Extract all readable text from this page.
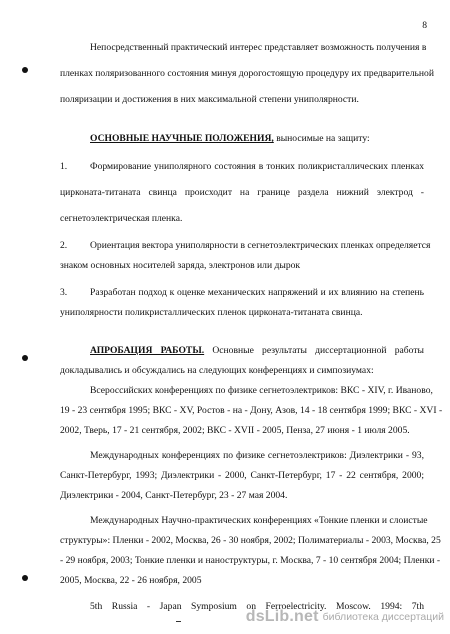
8
Непосредственный практический интерес представляет возможность получения в
пленках поляризованного состояния минуя дорогостоящую процедуру их предварительной
поляризации и достижения в них максимальной степени униполярности.
ОСНОВНЫЕ НАУЧНЫЕ ПОЛОЖЕНИЯ, выносимые на защиту:
1. Формирование униполярного состояния в тонких поликристаллических пленках
цирконата-титаната свинца происходит на границе раздела нижний электрод -
сегнетоэлектрическая пленка.
2. Ориентация вектора униполярности в сегнетоэлектрических пленках определяется
знаком основных носителей заряда, электронов или дырок
3. Разработан подход к оценке механических напряжений и их влиянию на степень
униполярности поликристаллических пленок цирконата-титаната свинца.
АПРОБАЦИЯ РАБОТЫ. Основные результаты диссертационной работы
докладывались и обсуждались на следующих конференциях и симпозиумах:
Всероссийских конференциях по физике сегнетоэлектриков: ВКС - XIV, г. Иваново,
19 - 23 сентября 1995; ВКС - XV, Ростов - на - Дону, Азов, 14 - 18 сентября 1999; ВКС - XVI -
2002, Тверь, 17 - 21 сентября, 2002; ВКС - XVII - 2005, Пенза, 27 июня - 1 июля 2005.
Международных конференциях по физике сегнетоэлектриков: Диэлектрики - 93,
Санкт-Петербург, 1993; Диэлектрики - 2000, Санкт-Петербург, 17 - 22 сентября, 2000;
Диэлектрики - 2004, Санкт-Петербург, 23 - 27 мая 2004.
Международных Научно-практических конференциях «Тонкие пленки и слоистые
структуры»: Пленки - 2002, Москва, 26 - 30 ноября, 2002; Полиматериалы - 2003, Москва, 25
- 29 ноября, 2003; Тонкие пленки и наноструктуры, г. Москва, 7 - 10 сентября 2004; Пленки -
2005, Москва, 22 - 26 ноября, 2005
5th Russia - Japan Symposium on Ferroelectricity. Moscow. 1994: 7th
dsLib.net библиотека диссертаций
